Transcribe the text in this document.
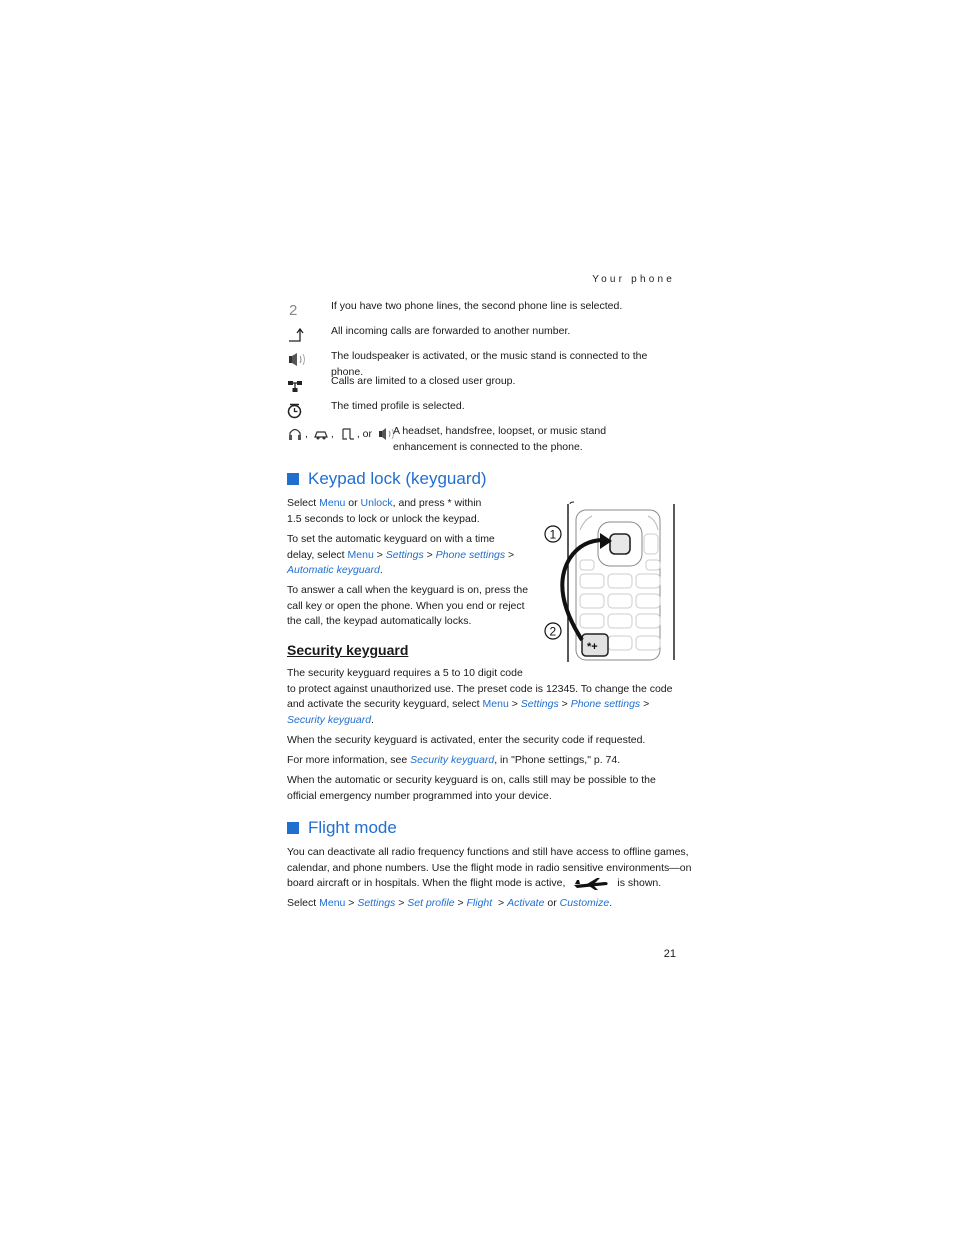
Your phone
2	If you have two phone lines, the second phone line is selected.
All incoming calls are forwarded to another number.
The loudspeaker is activated, or the music stand is connected to the phone.
Calls are limited to a closed user group.
The timed profile is selected.
, , , or A headset, handsfree, loopset, or music stand
enhancement is connected to the phone.
Keypad lock (keyguard)
Select Menu or Unlock, and press * within
1.5 seconds to lock or unlock the keypad.
To set the automatic keyguard on with a time
delay, select Menu > Settings > Phone settings >
Automatic keyguard.
To answer a call when the keyguard is on, press the
call key or open the phone. When you end or reject
the call, the keypad automatically locks.
*+
1
2
Security keyguard
The security keyguard requires a 5 to 10 digit code
to protect against unauthorized use. The preset code is 12345. To change the code
and activate the security keyguard, select Menu > Settings > Phone settings >
Security keyguard.
When the security keyguard is activated, enter the security code if requested.
For more information, see Security keyguard, in "Phone settings," p. 74.
When the automatic or security keyguard is on, calls still may be possible to the
official emergency number programmed into your device.
Flight mode
You can deactivate all radio frequency functions and still have access to offline games,
calendar, and phone numbers. Use the flight mode in radio sensitive environments—on
board aircraft or in hospitals. When the flight mode is active,	is shown.
Select Menu > Settings > Set profile > Flight  > Activate or Customize.
21
